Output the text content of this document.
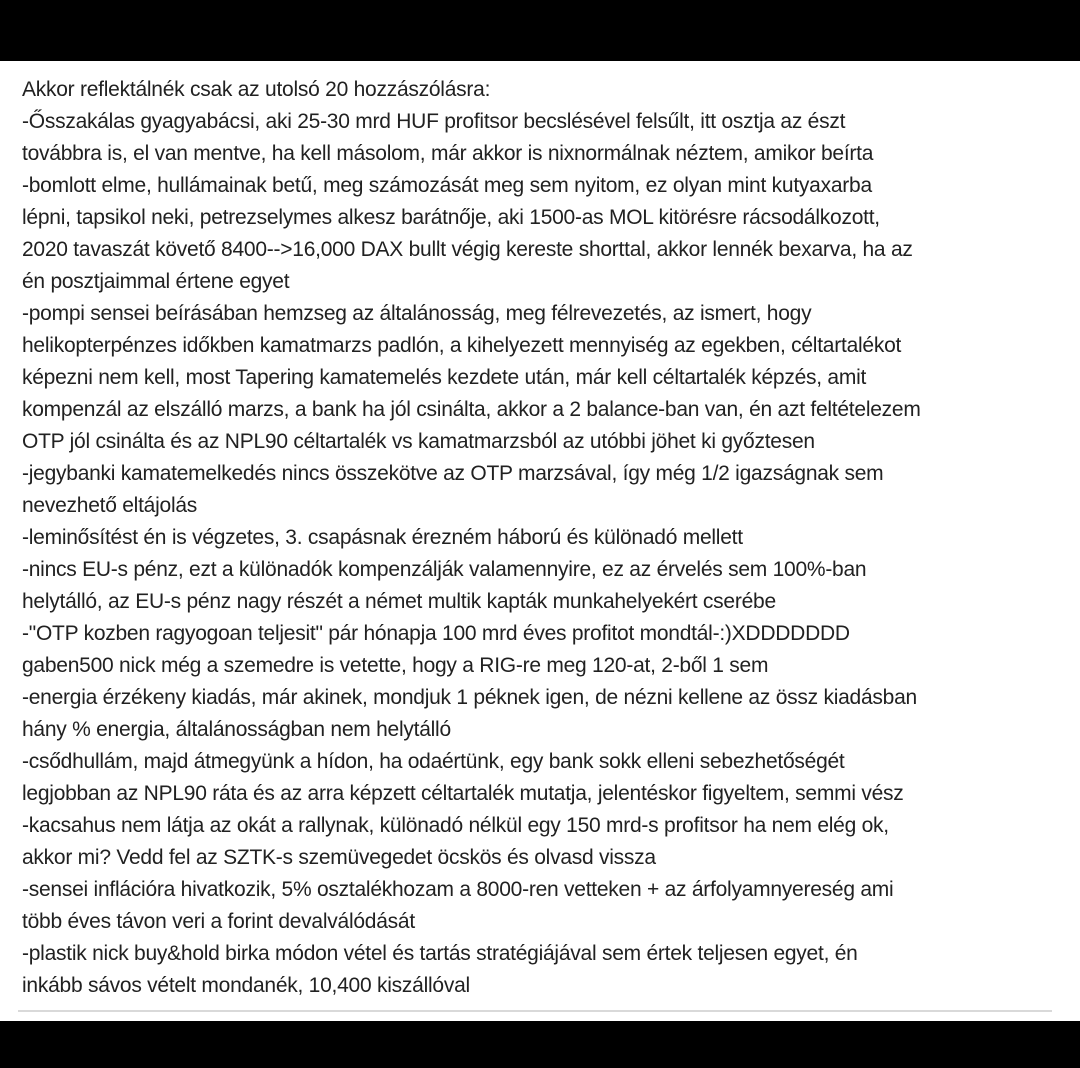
Akkor reflektálnék csak az utolsó 20 hozzászólásra:
-Ősszakálas gyagyabácsi, aki 25-30 mrd HUF profitsor becslésével felsűlt, itt osztja az észt
továbbra is, el van mentve, ha kell másolom, már akkor is nixnormálnak néztem, amikor beírta
-bomlott elme, hullámainak betű, meg számozását meg sem nyitom, ez olyan mint kutyaxarba
lépni, tapsikol neki, petrezselymes alkesz barátnője, aki 1500-as MOL kitörésre rácsodálkozott,
2020 tavaszát követő 8400-->16,000 DAX bullt végig kereste shorttal, akkor lennék bexarva, ha az
én posztjaimmal értene egyet
-pompi sensei beírásában hemzseg az általánosság, meg félrevezetés, az ismert, hogy
helikopterpénzes időkben kamatmarzs padlón, a kihelyezett mennyiség az egekben, céltartalékot
képezni nem kell, most Tapering kamatemelés kezdete után, már kell céltartalék képzés, amit
kompenzál az elszálló marzs, a bank ha jól csinálta, akkor a 2 balance-ban van, én azt feltételezem
OTP jól csinálta és az NPL90 céltartalék vs kamatmarzsból az utóbbi jöhet ki győztesen
-jegybanki kamatemelkedés nincs összekötve az OTP marzsával, így még 1/2 igazságnak sem
nevezhető eltájolás
-leminősítést én is végzetes, 3. csapásnak érezném háború és különadó mellett
-nincs EU-s pénz, ezt a különadók kompenzálják valamennyire, ez az érvelés sem 100%-ban
helytálló, az EU-s pénz nagy részét a német multik kapták munkahelyekért cserébe
-"OTP kozben ragyogoan teljesit" pár hónapja 100 mrd éves profitot mondtál-:)XDDDDDDD
gaben500 nick még a szemedre is vetette, hogy a RIG-re meg 120-at, 2-ből 1 sem
-energia érzékeny kiadás, már akinek, mondjuk 1 péknek igen, de nézni kellene az össz kiadásban
hány % energia, általánosságban nem helytálló
-csődhullám, majd átmegyünk a hídon, ha odaértünk, egy bank sokk elleni sebezhetőségét
legjobban az NPL90 ráta és az arra képzett céltartalék mutatja, jelentéskor figyeltem, semmi vész
-kacsahus nem látja az okát a rallynak, különadó nélkül egy 150 mrd-s profitsor ha nem elég ok,
akkor mi? Vedd fel az SZTK-s szemüvegedet öcskös és olvasd vissza
-sensei inflációra hivatkozik, 5% osztalékhozam a 8000-ren vetteken + az árfolyamnyereség ami
több éves távon veri a forint devalválódását
-plastik nick buy&hold birka módon vétel és tartás stratégiájával sem értek teljesen egyet, én
inkább sávos vételt mondanék, 10,400 kiszállóval
